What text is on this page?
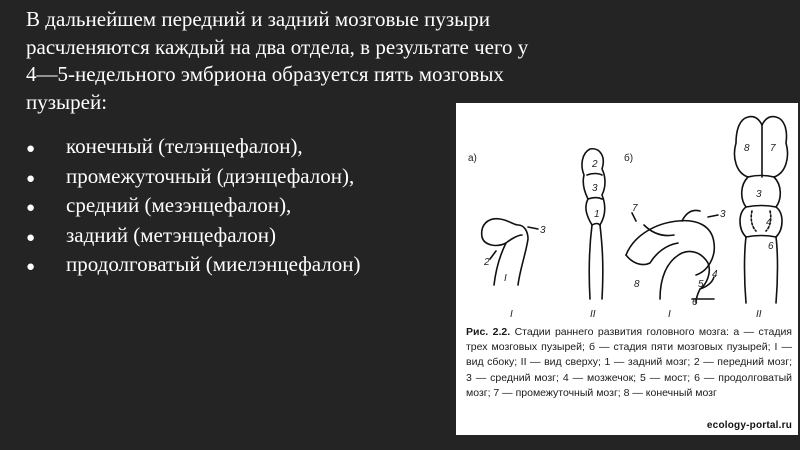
В дальнейшем передний и задний мозговые пузыри
расчленяются каждый на два отдела, в результате чего у
4—5-недельного эмбриона образуется пять мозговых
пузырей:
●	конечный (телэнцефалон),
●	промежуточный (диэнцефалон),
●	средний (мезэнцефалон),
●	задний (метэнцефалон)
●	продолговатый (миелэнцефалон)
а)	б)
3
2
I
I
2
3
1
II
7
3
4
5
8
6
I
8 7
3
4
6
II
Рис. 2.2. Стадии раннего развития головного мозга: а — стадия трех мозговых пузырей; б — стадия пяти мозговых пузырей; I — вид сбоку; II — вид сверху; 1 — задний мозг; 2 — передний мозг; 3 — средний мозг; 4 — мозжечок; 5 — мост; 6 — продолговатый мозг; 7 — промежуточный мозг; 8 — конечный мозг
ecology-portal.ru
